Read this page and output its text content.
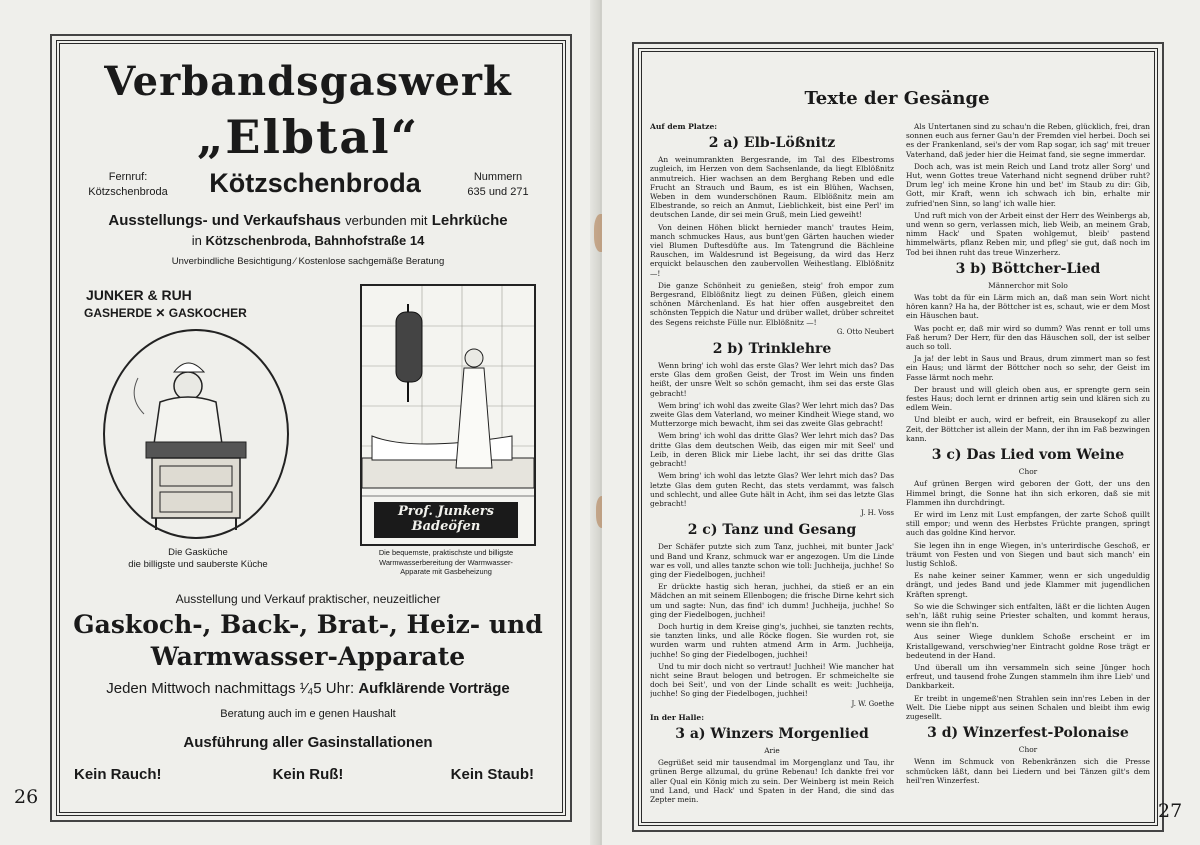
Verbandsgaswerk
„Elbtal“
Fernruf:
Kötzschenbroda	Kötzschenbroda	Nummern
635 und 271
Ausstellungs- und Verkaufshaus verbunden mit Lehrküche
in Kötzschenbroda, Bahnhofstraße 14
Unverbindliche Besichtigung ⁄ Kostenlose sachgemäße Beratung
JUNKER & RUH
GASHERDE ✕ GASKOCHER
Die Gasküche
die billigste und sauberste Küche
Prof. Junkers
Badeöfen
Die bequemste, praktischste und billigste
Warmwasserbereitung der Warmwasser-
Apparate mit Gasbeheizung
Ausstellung und Verkauf praktischer, neuzeitlicher
Gaskoch-, Back-, Brat-, Heiz- und
Warmwasser-Apparate
Jeden Mittwoch nachmittags ¹⁄₄5 Uhr: Aufklärende Vorträge
Beratung auch im e genen Haushalt
Ausführung aller Gasinstallationen
Kein Rauch!	Kein Ruß!	Kein Staub!
26
Texte der Gesänge
27

Auf dem Platze:

2 a) Elb-Lößnitz

An weinumrankten Bergesrande, im Tal des Elbestroms zugleich, im Herzen von dem Sachsenlande, da liegt Elblößnitz anmutreich. Hier wachsen an dem Berghang Reben und edle Frucht an Strauch und Baum, es ist ein Blühen, Wachsen, Weben in dem wunderschönen Raum. Elblößnitz mein am Elbestrande, so reich an Anmut, Lieblichkeit, bist eine Perl' im deutschen Lande, dir sei mein Gruß, mein Lied geweiht!

Von deinen Höhen blickt hernieder manch' trautes Heim, manch schmuckes Haus, aus bunt'gen Gärten hauchen wieder viel Blumen Duftesdüfte aus. Im Tatengrund die Bächleine Rauschen, im Waldesrund ist Begeisung, da wird das Herz erquickt belauschen den zaubervollen Weihestlang. Elblößnitz —!

Die ganze Schönheit zu genießen, steig' froh empor zum Bergesrand, Elblößnitz liegt zu deinen Füßen, gleich einem schönen Märchenland. Es hat hier offen ausgebreitet den schönsten Teppich die Natur und drüber wallet, drüber schreitet des Segens reichste Fülle nur. Elblößnitz —!

G. Otto Neubert
2 b) Trinklehre

Wenn bring' ich wohl das erste Glas? Wer lehrt mich das? Das erste Glas dem großen Geist, der Trost im Wein uns finden heißt, der unsre Welt so schön gemacht, ihm sei das erste Glas gebracht!

Wem bring' ich wohl das zweite Glas? Wer lehrt mich das? Das zweite Glas dem Vaterland, wo meiner Kindheit Wiege stand, wo Mutterzorge mich bewacht, ihm sei das zweite Glas gebracht!

Wem bring' ich wohl das dritte Glas? Wer lehrt mich das? Das dritte Glas dem deutschen Weib, das eigen mir mit Seel' und Leib, in deren Blick mir Liebe lacht, ihr sei das dritte Glas gebracht!

Wem bring' ich wohl das letzte Glas? Wer lehrt mich das? Das letzte Glas dem guten Recht, das stets verdammt, was falsch und schlecht, und allee Gute hält in Acht, ihm sei das letzte Glas gebracht!

J. H. Voss
2 c) Tanz und Gesang

Der Schäfer putzte sich zum Tanz, juchhei, mit bunter Jack' und Band und Kranz, schmuck war er angezogen. Um die Linde war es voll, und alles tanzte schon wie toll: Juchheija, juchhe! So ging der Fiedelbogen, juchhei!

Er drückte hastig sich heran, juchhei, da stieß er an ein Mädchen an mit seinem Ellenbogen; die frische Dirne kehrt sich um und sagte: Nun, das find' ich dumm! Juchheija, juchhe! So ging der Fiedelbogen, juchhei!

Doch hurtig in dem Kreise ging's, juchhei, sie tanzten rechts, sie tanzten links, und alle Röcke flogen. Sie wurden rot, sie wurden warm und ruhten atmend Arm in Arm. Juchheija, juchhe! So ging der Fiedelbogen, juchhei!

Und tu mir doch nicht so vertraut! Juchhei! Wie mancher hat nicht seine Braut belogen und betrogen. Er schmeichelte sie doch bei Seit', und von der Linde schallt es weit: Juchheija, juchhe! So ging der Fiedelbogen, juchhei!

J. W. Goethe

In der Halle:

3 a) Winzers Morgenlied
Arie

Gegrüßet seid mir tausendmal im Morgenglanz und Tau, ihr grünen Berge allzumal, du grüne Rebenau! Ich dankte frei vor aller Qual ein König mich zu sein. Der Weinberg ist mein Reich und Land, und Hack' und Spaten in der Hand, die sind das Zepter mein.

Als Untertanen sind zu schau'n die Reben, glücklich, frei, dran sonnen euch aus ferner Gau'n der Fremden viel herbei. Doch sei es der Frankenland, sei's der vom Rap sogar, ich sag' mit treuer Vaterhand, daß jeder hier die Heimat fand, sie segne immerdar.

Doch ach, was ist mein Reich und Land trotz aller Sorg' und Hut, wenn Gottes treue Vaterhand nicht segnend drüber ruht? Drum leg' ich meine Krone hin und bet' im Staub zu dir: Gib, Gott, mir Kraft, wenn ich schwach ich bin, erhalte mir zufried'nen Sinn, so lang' ich walle hier.

Und ruft mich von der Arbeit einst der Herr des Weinbergs ab, und wenn so gern, verlassen mich, lieb Weib, an meinem Grab, nimm Hack' und Spaten wohlgemut, bleib' pastend himmelwärts, pflanz Reben mir, und pfleg' sie gut, daß noch im Tod bei ihnen ruht das treue Winzerherz.

3 b) Böttcher-Lied
Männerchor mit Solo

Was tobt da für ein Lärm mich an, daß man sein Wort nicht hören kann? Ha ha, der Böttcher ist es, schaut, wie er dem Most ein Häuschen baut.

Was pocht er, daß mir wird so dumm? Was rennt er toll ums Faß herum? Der Herr, für den das Häuschen soll, der ist selber auch so toll.

Ja ja! der lebt in Saus und Braus, drum zimmert man so fest ein Haus; und lärmt der Böttcher noch so sehr, der Geist im Fasse lärmt noch mehr.

Der braust und will gleich oben aus, er sprengte gern sein festes Haus; doch lernt er drinnen artig sein und klären sich zu edlem Wein.

Und bleibt er auch, wird er befreit, ein Brausekopf zu aller Zeit, der Böttcher ist allein der Mann, der ihn im Faß bezwingen kann.

3 c) Das Lied vom Weine
Chor

Auf grünen Bergen wird geboren der Gott, der uns den Himmel bringt, die Sonne hat ihn sich erkoren, daß sie mit Flammen ihn durchdringt.

Er wird im Lenz mit Lust empfangen, der zarte Schoß quillt still empor; und wenn des Herbstes Früchte prangen, springt auch das goldne Kind hervor.

Sie legen ihn in enge Wiegen, in's unterirdische Geschoß, er träumt von Festen und von Siegen und baut sich manch' ein lustig Schloß.

Es nahe keiner seiner Kammer, wenn er sich ungeduldig drängt, und jedes Band und jede Klammer mit jugendlichen Kräften sprengt.

So wie die Schwinger sich entfalten, läßt er die lichten Augen seh'n, läßt ruhig seine Priester schalten, und kommt heraus, wenn sie ihn fleh'n.

Aus seiner Wiege dunklem Schoße erscheint er im Kristallgewand, verschwieg'ner Eintracht goldne Rose trägt er bedeutend in der Hand.

Und überall um ihn versammeln sich seine Jünger hoch erfreut, und tausend frohe Zungen stammeln ihm ihre Lieb' und Dankbarkeit.

Er treibt in ungemeß'nen Strahlen sein inn'res Leben in der Welt. Die Liebe nippt aus seinen Schalen und bleibt ihm ewig zugesellt.

3 d) Winzerfest-Polonaise
Chor

Wenn im Schmuck von Rebenkränzen sich die Presse schmücken läßt, dann bei Liedern und bei Tänzen gilt's dem heil'ren Winzerfest.
